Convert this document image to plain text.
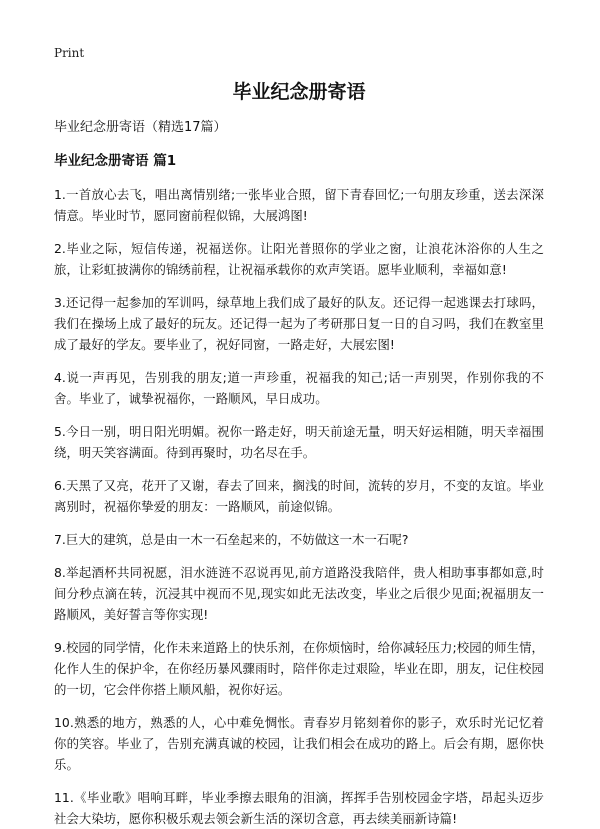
Print
毕业纪念册寄语

毕业纪念册寄语（精选17篇）

毕业纪念册寄语 篇1

1.一首放心去飞，唱出离情别绪;一张毕业合照，留下青春回忆;一句朋友珍重，送去深深情意。毕业时节，愿同窗前程似锦，大展鸿图!

2.毕业之际，短信传递，祝福送你。让阳光普照你的学业之窗，让浪花沐浴你的人生之旅，让彩虹披满你的锦绣前程，让祝福承载你的欢声笑语。愿毕业顺利，幸福如意!

3.还记得一起参加的军训吗，绿草地上我们成了最好的队友。还记得一起逃课去打球吗，我们在操场上成了最好的玩友。还记得一起为了考研那日复一日的自习吗，我们在教室里成了最好的学友。要毕业了，祝好同窗，一路走好，大展宏图!

4.说一声再见，告别我的朋友;道一声珍重，祝福我的知己;话一声别哭，作别你我的不舍。毕业了，诚挚祝福你，一路顺风，早日成功。

5.今日一别，明日阳光明媚。祝你一路走好，明天前途无量，明天好运相随，明天幸福围绕，明天笑容满面。待到再聚时，功名尽在手。

6.天黑了又亮，花开了又谢，春去了回来，搁浅的时间，流转的岁月，不变的友谊。毕业离别时，祝福你挚爱的朋友：一路顺风，前途似锦。

7.巨大的建筑，总是由一木一石垒起来的，不妨做这一木一石呢?

8.举起酒杯共同祝愿，泪水涟涟不忍说再见,前方道路没我陪伴，贵人相助事事都如意,时间分秒点滴在转，沉浸其中视而不见,现实如此无法改变，毕业之后很少见面;祝福朋友一路顺风，美好誓言等你实现!

9.校园的同学情，化作未来道路上的快乐剂，在你烦恼时，给你减轻压力;校园的师生情，化作人生的保护伞，在你经历暴风骤雨时，陪伴你走过艰险，毕业在即，朋友，记住校园的一切，它会伴你搭上顺风船，祝你好运。

10.熟悉的地方，熟悉的人，心中难免惆怅。青春岁月铭刻着你的影子，欢乐时光记忆着你的笑容。毕业了，告别充满真诚的校园，让我们相会在成功的路上。后会有期，愿你快乐。

11.《毕业歌》唱响耳畔，毕业季擦去眼角的泪滴，挥挥手告别校园金字塔，昂起头迈步社会大染坊，愿你积极乐观去领会新生活的深切含意，再去续美丽新诗篇!
